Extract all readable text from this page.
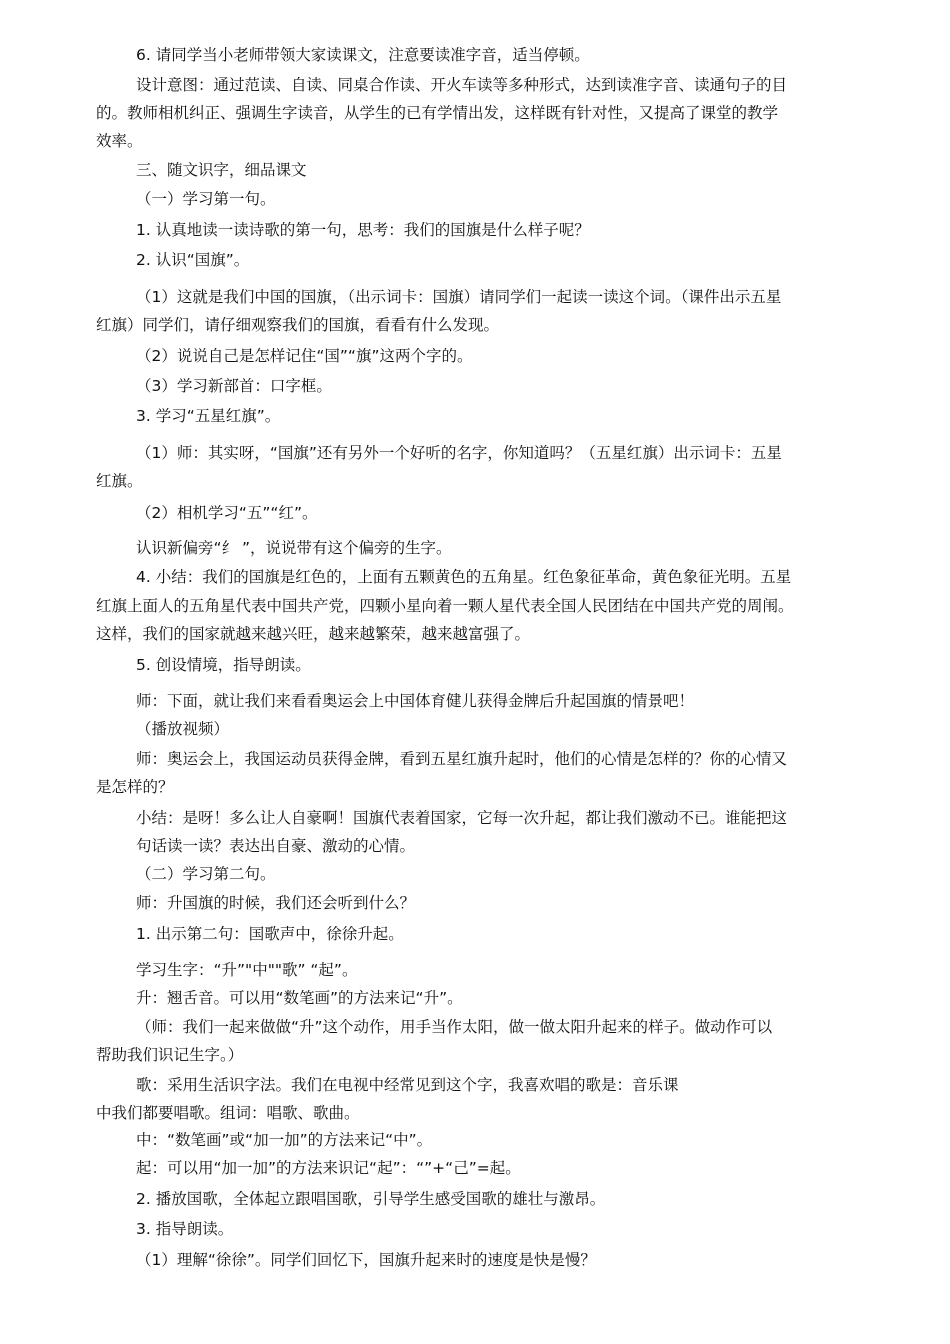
6. 请同学当小老师带领大家读课文，注意要读准字音，适当停顿。
设计意图：通过范读、自读、同桌合作读、开火车读等多种形式，达到读准字音、读通句子的目
的。教师相机纠正、强调生字读音，从学生的已有学情出发，这样既有针对性，又提高了课堂的教学
效率。
三、随文识字，细品课文
（一）学习第一句。
1. 认真地读一读诗歌的第一句，思考：我们的国旗是什么样子呢？
2. 认识“国旗”。
（1）这就是我们中国的国旗，（出示词卡：国旗）请同学们一起读一读这个词。（课件出示五星
红旗）同学们，请仔细观察我们的国旗，看看有什么发现。
（2）说说自己是怎样记住“国”“旗”这两个字的。
（3）学习新部首：口字框。
3. 学习“五星红旗”。
（1）师：其实呀，“国旗”还有另外一个好听的名字，你知道吗？（五星红旗）出示词卡：五星
红旗。
（2）相机学习“五”“红”。
认识新偏旁“纟 ”，说说带有这个偏旁的生字。
4. 小结：我们的国旗是红色的，上面有五颗黄色的五角星。红色象征革命，黄色象征光明。五星
红旗上面人的五角星代表中国共产党，四颗小星向着一颗人星代表全国人民团结在中国共产党的周闱。
这样，我们的国家就越来越兴旺，越来越繁荣，越来越富强了。
5. 创设情境，指导朗读。
师：下面，就让我们来看看奥运会上中国体育健儿获得金牌后升起国旗的情景吧！
（播放视频）
师：奥运会上，我国运动员获得金牌，看到五星红旗升起时，他们的心情是怎样的？你的心情又
是怎样的？
小结：是呀！多么让人自豪啊！国旗代表着国家，它每一次升起，都让我们激动不已。谁能把这
句话读一读？表达出自豪、激动的心情。
（二）学习第二句。
师：升国旗的时候，我们还会听到什么？
1. 出示第二句：国歌声中，徐徐升起。
学习生字：“升”"中""歌” “起”。
升：翘舌音。可以用“数笔画”的方法来记“升”。
（师：我们一起来做做“升”这个动作，用手当作太阳，做一做太阳升起来的样子。做动作可以
帮助我们识记生字。）
歌：采用生活识字法。我们在电视中经常见到这个字，我喜欢唱的歌是：音乐课
中我们都要唱歌。组词：唱歌、歌曲。
中：“数笔画”或“加一加”的方法来记“中”。
起：可以用“加一加”的方法来识记“起”：“”+“己”=起。
2. 播放国歌，全体起立跟唱国歌，引导学生感受国歌的雄壮与激昂。
3. 指导朗读。
（1）理解“徐徐”。同学们回忆下，国旗升起来时的速度是快是慢？
